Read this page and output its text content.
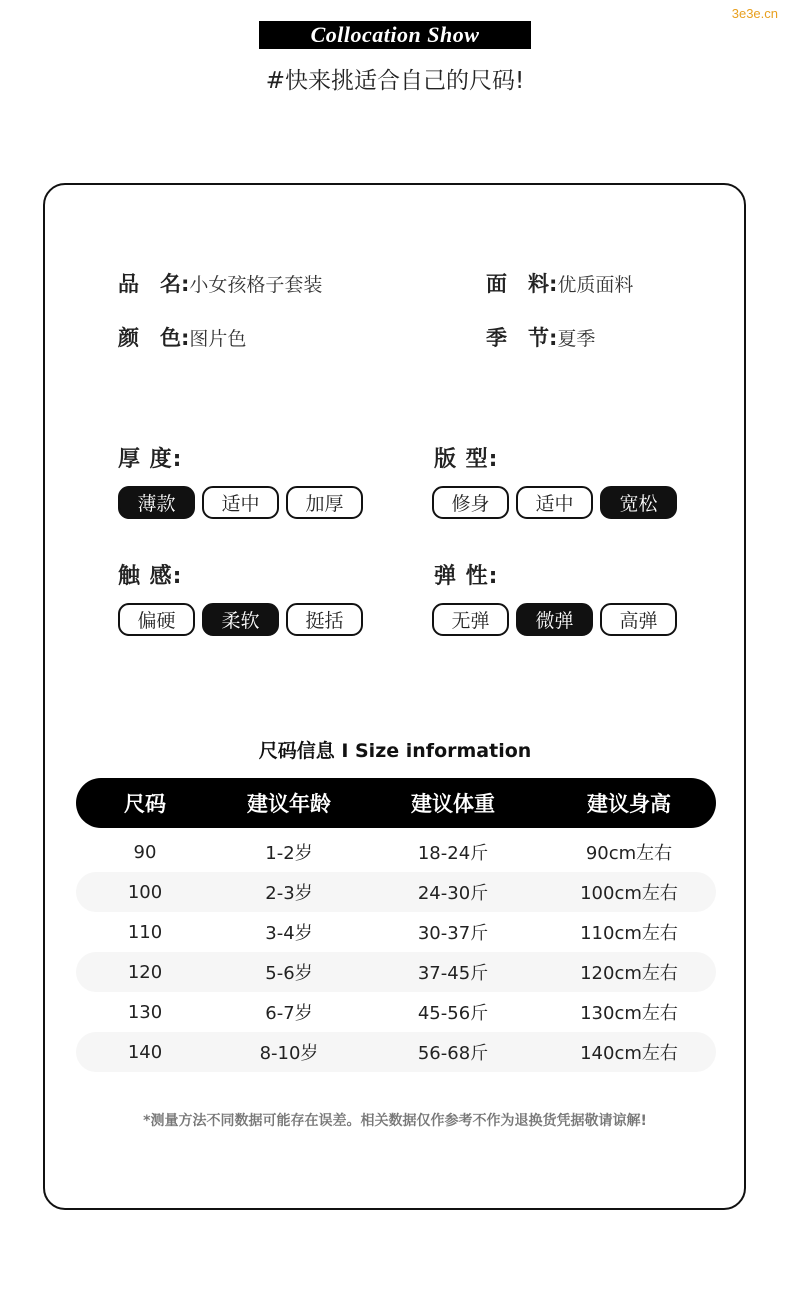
3e3e.cn
Collocation Show
#快来挑适合自己的尺码!
品　名: 小女孩格子套装	面　料: 优质面料
颜　色: 图片色	季　节: 夏季
厚 度:
薄款	适中	加厚
版 型:
修身	适中	宽松
触 感:
偏硬	柔软	挺括
弹 性:
无弹	微弹	高弹
尺码信息 I Size information
尺码	建议年龄	建议体重	建议身高
90	1-2岁	18-24斤	90cm左右
100	2-3岁	24-30斤	100cm左右
110	3-4岁	30-37斤	110cm左右
120	5-6岁	37-45斤	120cm左右
130	6-7岁	45-56斤	130cm左右
140	8-10岁	56-68斤	140cm左右
*测量方法不同数据可能存在误差。相关数据仅作参考不作为退换货凭据敬请谅解!
